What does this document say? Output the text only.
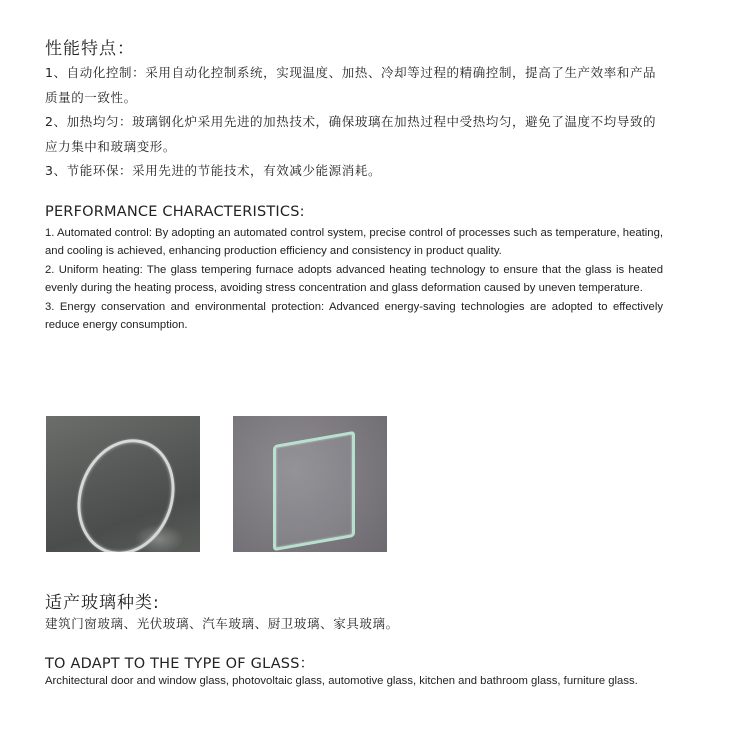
性能特点：
1、自动化控制：采用自动化控制系统，实现温度、加热、冷却等过程的精确控制，提高了生产效率和产品质量的一致性。
2、加热均匀：玻璃钢化炉采用先进的加热技术，确保玻璃在加热过程中受热均匀，避免了温度不均导致的应力集中和玻璃变形。
3、节能环保：采用先进的节能技术，有效减少能源消耗。
PERFORMANCE CHARACTERISTICS:

1. Automated control: By adopting an automated control system, precise control of processes such as temperature, heating, and cooling is achieved, enhancing production efficiency and consistency in product quality.

2. Uniform heating: The glass tempering furnace adopts advanced heating technology to ensure that the glass is heated evenly during the heating process, avoiding stress concentration and glass deformation caused by uneven temperature.

3. Energy conservation and environmental protection: Advanced energy-saving technologies are adopted to effectively reduce energy consumption.

适产玻璃种类:
建筑门窗玻璃、光伏玻璃、汽车玻璃、厨卫玻璃、家具玻璃。
TO ADAPT TO THE TYPE OF GLASS：
Architectural door and window glass, photovoltaic glass, automotive glass, kitchen and bathroom glass, furniture glass.
